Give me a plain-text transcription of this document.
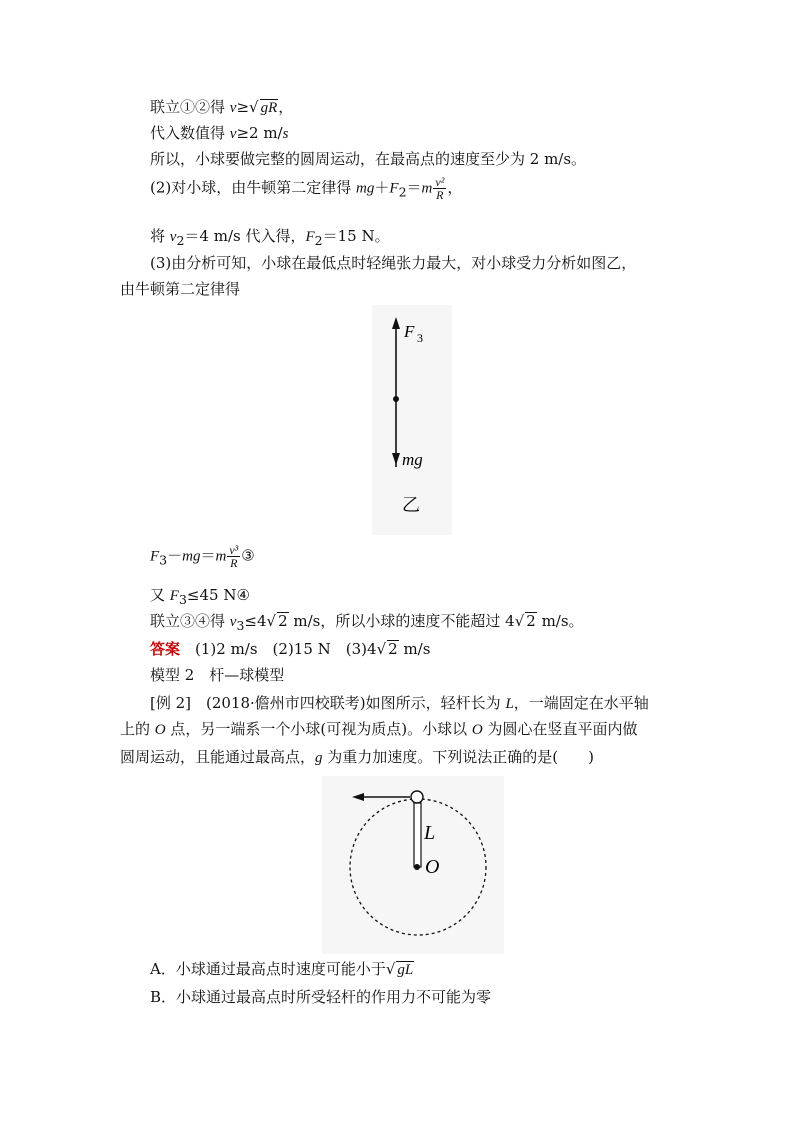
联立①②得 v≥√ gR，
代入数值得 v≥2 m/s
所以，小球要做完整的圆周运动，在最高点的速度至少为 2 m/s。
(2)对小球，由牛顿第二定律得 $mg+F_2=m \frac{\text{v²}}{R}$ ，
将 $v_2=4$ m/s 代入得，$F_2=15$ N。
(3)由分析可知，小球在最低点时轻绳张力最大，对小球受力分析如图乙，
由牛顿第二定律得
F 3
mg
乙
$F_3-mg=m \frac{\text{v³}}{R}$ ③
又 $F_3\le 45$ N④
联立③④得 $v_3\le 4√$ 2 m/s，所以小球的速度不能超过 4√ 2 m/s。
答案　(1)2 m/s　(2)15 N　(3)4√ 2 m/s
模型 2　杆—球模型
[例 2]　(2018·儋州市四校联考)如图所示，轻杆长为 L，一端固定在水平轴
上的 O 点，另一端系一个小球(可视为质点)。小球以 O 为圆心在竖直平面内做
圆周运动，且能通过最高点，g 为重力加速度。下列说法正确的是(　　)
L
O
A．小球通过最高点时速度可能小于√ gL
B．小球通过最高点时所受轻杆的作用力不可能为零
